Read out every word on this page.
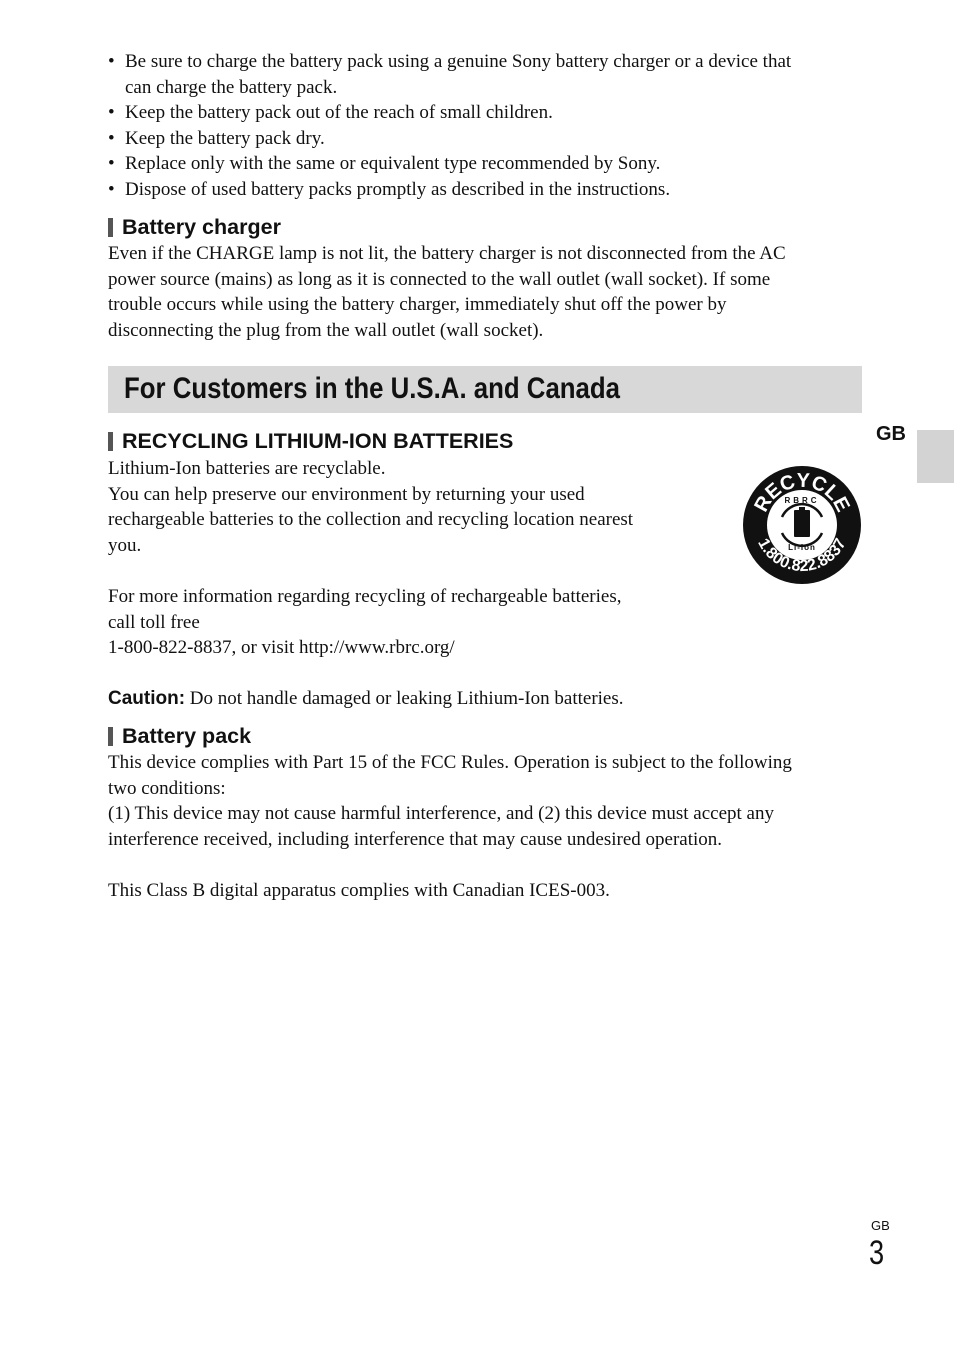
• Be sure to charge the battery pack using a genuine Sony battery charger or a device that
can charge the battery pack.
• Keep the battery pack out of the reach of small children.
• Keep the battery pack dry.
• Replace only with the same or equivalent type recommended by Sony.
• Dispose of used battery packs promptly as described in the instructions.
Battery charger

Even if the CHARGE lamp is not lit, the battery charger is not disconnected from the AC
power source (mains) as long as it is connected to the wall outlet (wall socket). If some
trouble occurs while using the battery charger, immediately shut off the power by
disconnecting the plug from the wall outlet (wall socket).

For Customers in the U.S.A. and Canada
GB
RECYCLING LITHIUM-ION BATTERIES

Lithium-Ion batteries are recyclable.
You can help preserve our environment by returning your used
rechargeable batteries to the collection and recycling location nearest
you.

For more information regarding recycling of rechargeable batteries,
call toll free
1-800-822-8837, or visit http://www.rbrc.org/

RECYCLE
1.800.822.8837
RBRC
Li-Ion

Caution: Do not handle damaged or leaking Lithium-Ion batteries.

Battery pack

This device complies with Part 15 of the FCC Rules. Operation is subject to the following
two conditions:
(1) This device may not cause harmful interference, and (2) this device must accept any
interference received, including interference that may cause undesired operation.

This Class B digital apparatus complies with Canadian ICES-003.

GB
3
